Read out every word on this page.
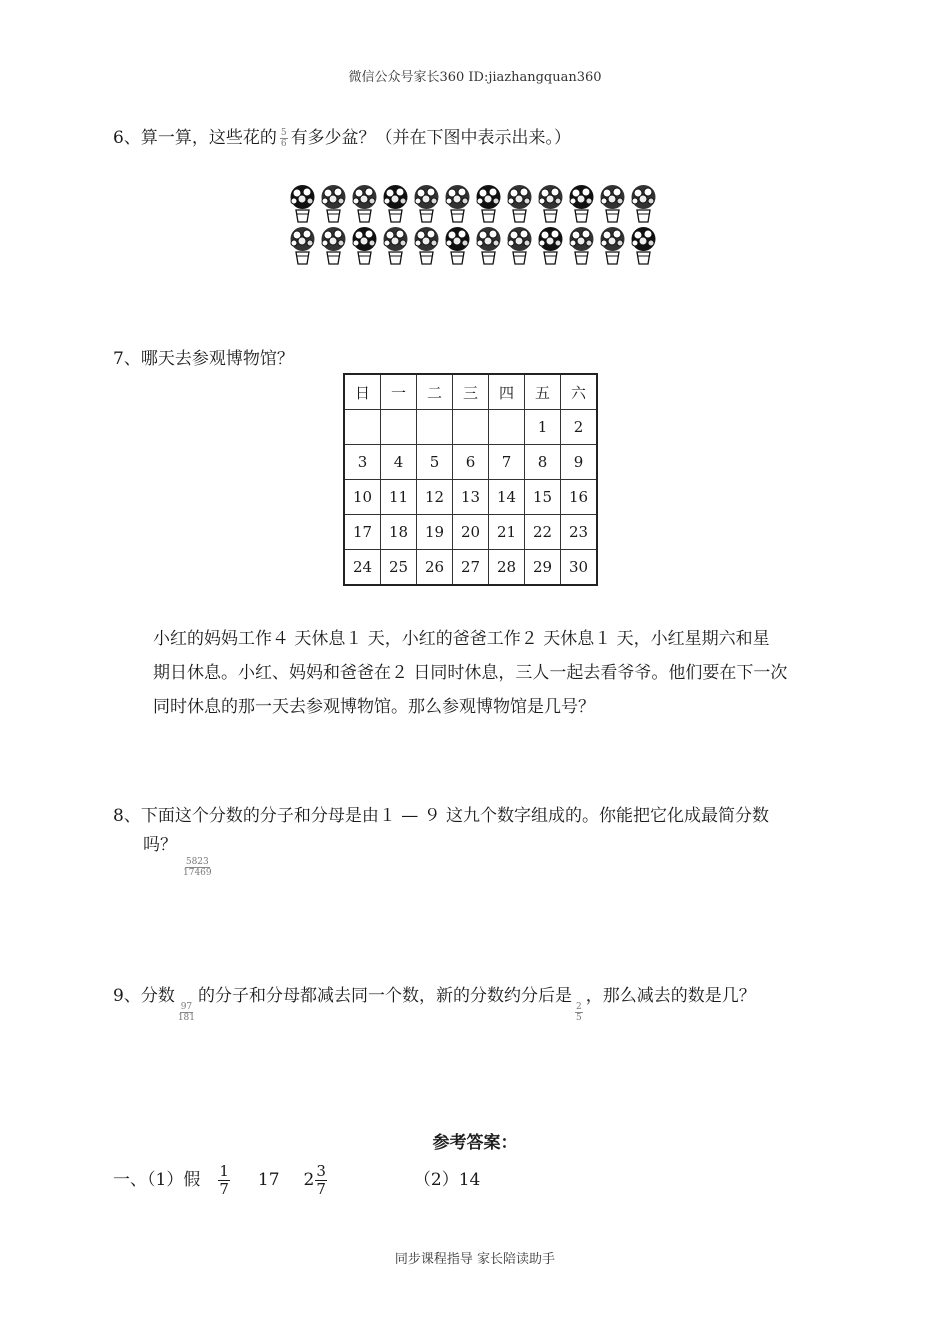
微信公众号家长360 ID:jiazhangquan360
6、算一算，这些花的 $\frac{5}{6}$ 有多少盆？（并在下图中表示出来。）
7、哪天去参观博物馆？
日	一	二	三	四	五	六
					1	2
3	4	5	6	7	8	9
10	11	12	13	14	15	16
17	18	19	20	21	22	23
24	25	26	27	28	29	30
小红的妈妈工作４ 天休息１ 天，小红的爸爸工作２ 天休息１ 天，小红星期六和星
期日休息。小红、妈妈和爸爸在２ 日同时休息，三人一起去看爷爷。他们要在下一次
同时休息的那一天去参观博物馆。那么参观博物馆是几号？
8、下面这个分数的分子和分母是由１ — ９ 这九个数字组成的。你能把它化成最简分数
吗？
$\frac{5823}{17469}$
9、分数
$\frac{97}{181}$
的分子和分母都减去同一个数，新的分数约分后是
$\frac{2}{5}$
，那么减去的数是几？
参考答案：
一、（1）假 $\frac{1}{7} 17$ $2 \frac{3}{7}$	（2）14
同步课程指导 家长陪读助手
